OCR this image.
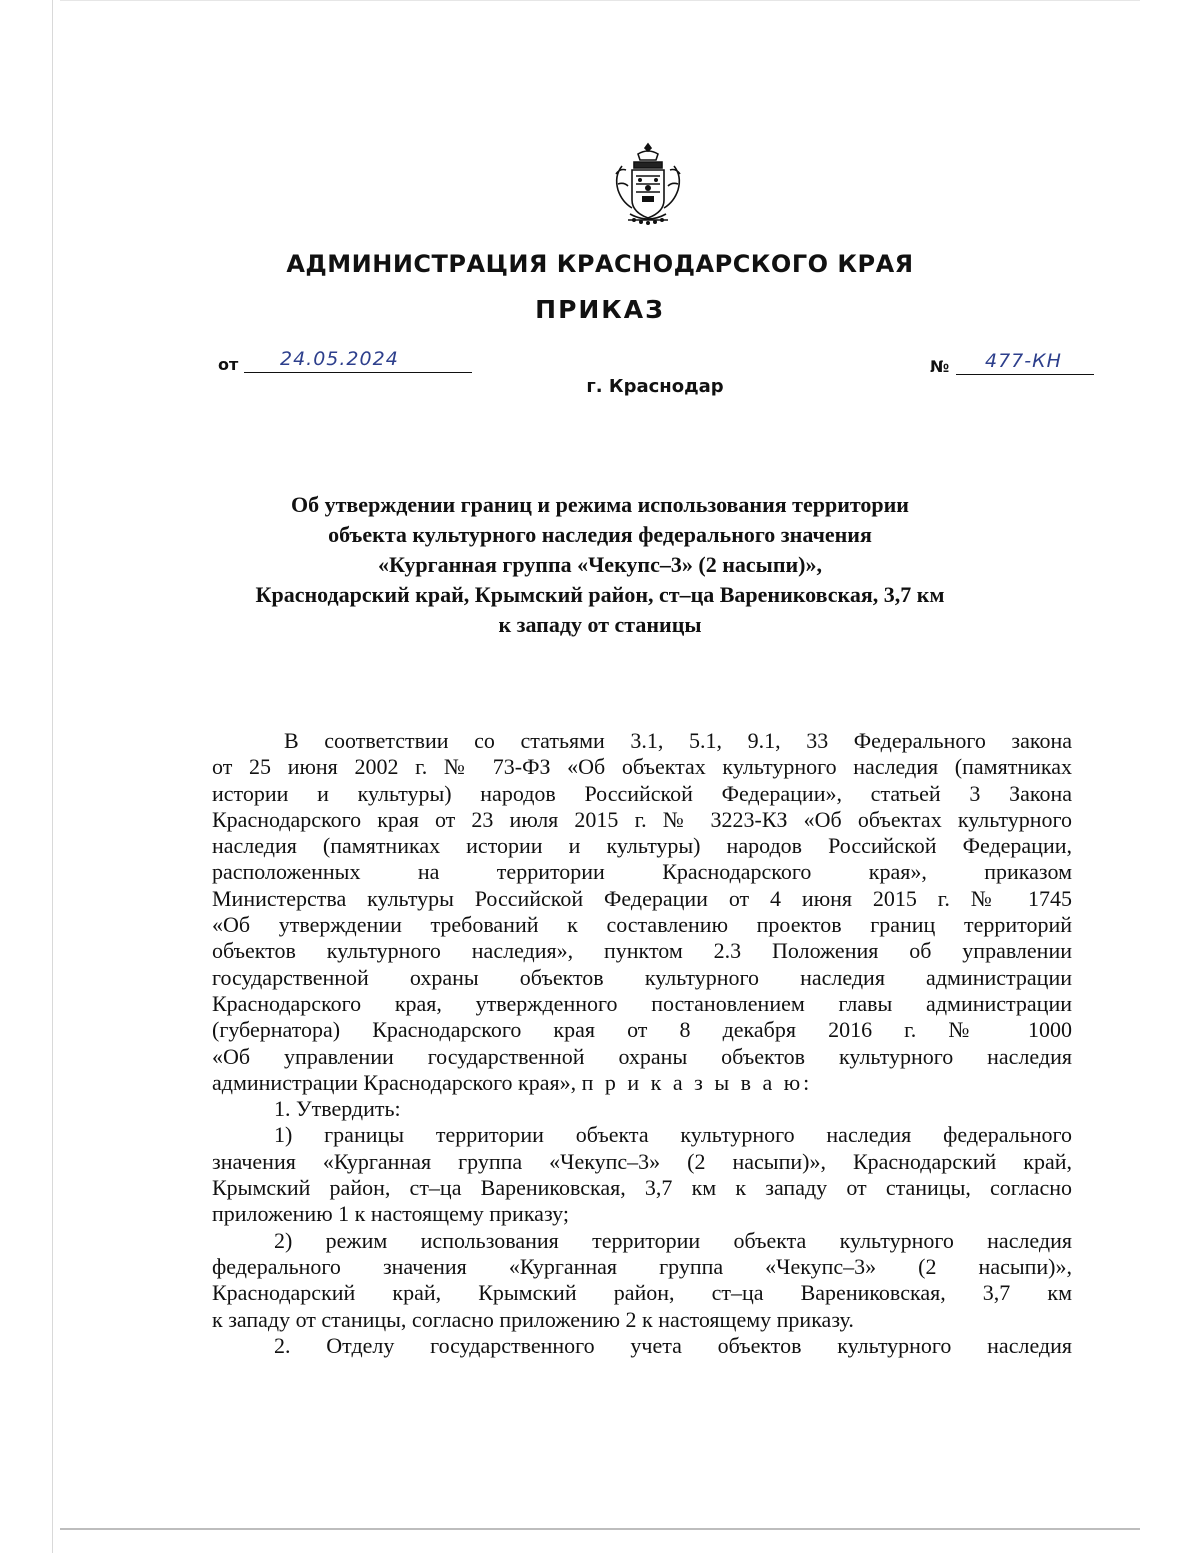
АДМИНИСТРАЦИЯ КРАСНОДАРСКОГО КРАЯ
ПРИКАЗ
от 24.05.2024
г. Краснодар
№ 477-КН
Об утверждении границ и режима использования территории
объекта культурного наследия федерального значения
«Курганная группа «Чекупс–3» (2 насыпи)»,
Краснодарский край, Крымский район, ст–ца Варениковская, 3,7 км
к западу от станицы
В соответствии со статьями 3.1, 5.1, 9.1, 33 Федерального закона
от 25 июня 2002 г. № 73-ФЗ «Об объектах культурного наследия (памятниках
истории и культуры) народов Российской Федерации», статьей 3 Закона
Краснодарского края от 23 июля 2015 г. № 3223-КЗ «Об объектах культурного
наследия (памятниках истории и культуры) народов Российской Федерации,
расположенных на территории Краснодарского края», приказом
Министерства культуры Российской Федерации от 4 июня 2015 г. № 1745
«Об утверждении требований к составлению проектов границ территорий
объектов культурного наследия», пунктом 2.3 Положения об управлении
государственной охраны объектов культурного наследия администрации
Краснодарского края, утвержденного постановлением главы администрации
(губернатора) Краснодарского края от 8 декабря 2016 г. № 1000
«Об управлении государственной охраны объектов культурного наследия
администрации Краснодарского края», п р и к а з ы в а ю:
1. Утвердить:
1) границы территории объекта культурного наследия федерального
значения «Курганная группа «Чекупс–3» (2 насыпи)», Краснодарский край,
Крымский район, ст–ца Варениковская, 3,7 км к западу от станицы, согласно
приложению 1 к настоящему приказу;
2) режим использования территории объекта культурного наследия
федерального значения «Курганная группа «Чекупс–3» (2 насыпи)»,
Краснодарский край, Крымский район, ст–ца Варениковская, 3,7 км
к западу от станицы, согласно приложению 2 к настоящему приказу.
2. Отделу государственного учета объектов культурного наследия
